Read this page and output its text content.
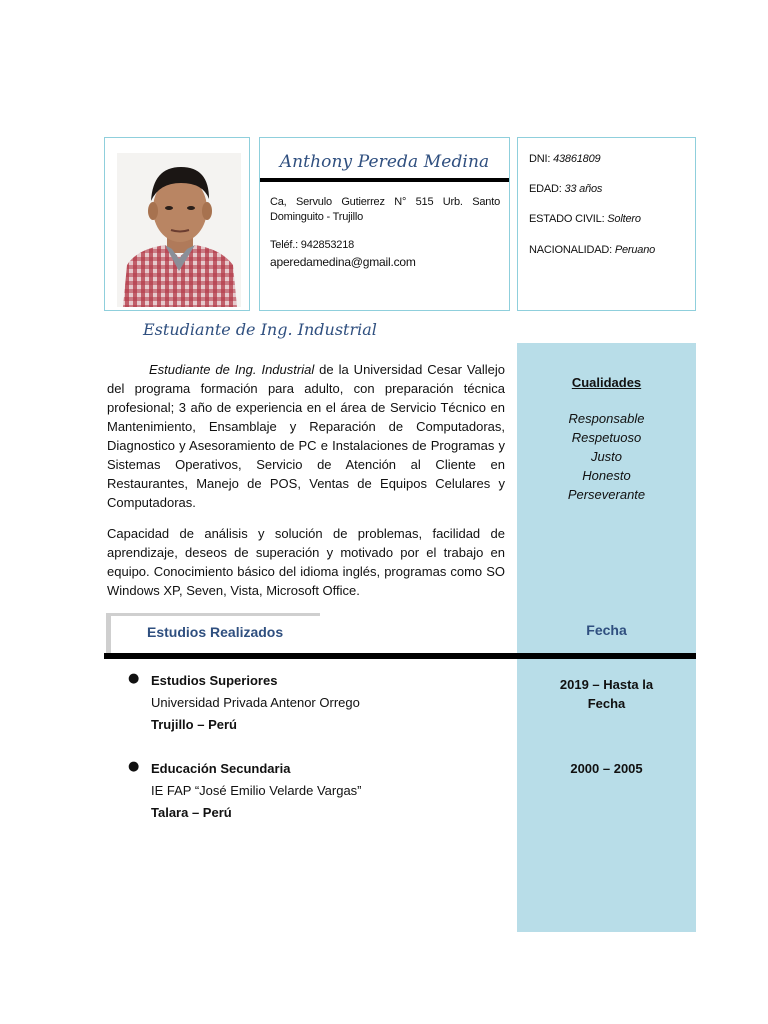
Anthony Pereda Medina
Ca, Servulo Gutierrez N° 515 Urb. Santo Dominguito - Trujillo
Teléf.: 942853218
aperedamedina@gmail.com
DNI: 43861809
EDAD: 33 años
ESTADO CIVIL: Soltero
NACIONALIDAD: Peruano
Estudiante de Ing. Industrial
Cualidades
Responsable
Respetuoso
Justo
Honesto
Perseverante
Estudiante de Ing. Industrial de la Universidad Cesar Vallejo del programa formación para adulto, con preparación técnica profesional; 3 año de experiencia en el área de Servicio Técnico en Mantenimiento, Ensamblaje y Reparación de Computadoras, Diagnostico y Asesoramiento de PC e Instalaciones de Programas y Sistemas Operativos, Servicio de Atención al Cliente en Restaurantes, Manejo de POS, Ventas de Equipos Celulares y Computadoras.
Capacidad de análisis y solución de problemas, facilidad de aprendizaje, deseos de superación y motivado por el trabajo en equipo. Conocimiento básico del idioma inglés, programas como SO Windows XP, Seven, Vista, Microsoft Office.
Estudios Realizados	Fecha
● Estudios Superiores
Universidad Privada Antenor Orrego
Trujillo – Perú
2019 – Hasta la Fecha
● Educación Secundaria
IE FAP “José Emilio Velarde Vargas”
Talara – Perú
2000 – 2005
